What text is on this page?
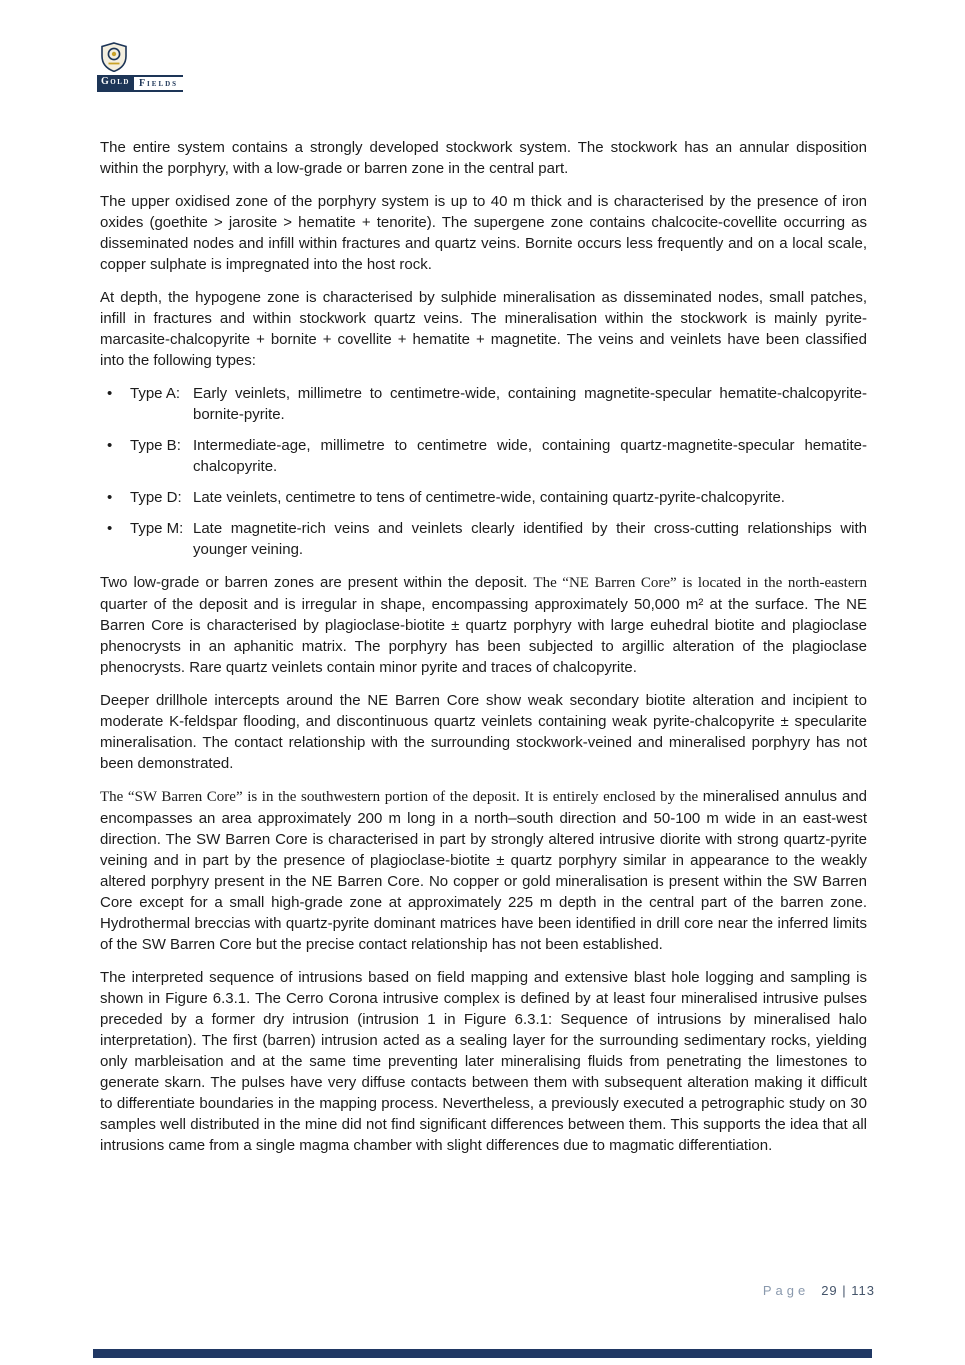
Gold Fields

The entire system contains a strongly developed stockwork system. The stockwork has an annular disposition within the porphyry, with a low-grade or barren zone in the central part.

The upper oxidised zone of the porphyry system is up to 40 m thick and is characterised by the presence of iron oxides (goethite > jarosite > hematite + tenorite). The supergene zone contains chalcocite-covellite occurring as disseminated nodes and infill within fractures and quartz veins. Bornite occurs less frequently and on a local scale, copper sulphate is impregnated into the host rock.

At depth, the hypogene zone is characterised by sulphide mineralisation as disseminated nodes, small patches, infill in fractures and within stockwork quartz veins. The mineralisation within the stockwork is mainly pyrite-marcasite-chalcopyrite + bornite + covellite + hematite + magnetite. The veins and veinlets have been classified into the following types:

•	Type A: Early veinlets, millimetre to centimetre-wide, containing magnetite-specular hematite-chalcopyrite-bornite-pyrite.
•	Type B: Intermediate-age, millimetre to centimetre wide, containing quartz-magnetite-specular hematite-chalcopyrite.
•	Type D: Late veinlets, centimetre to tens of centimetre-wide, containing quartz-pyrite-chalcopyrite.
•	Type M: Late magnetite-rich veins and veinlets clearly identified by their cross-cutting relationships with younger veining.

Two low-grade or barren zones are present within the deposit. The “NE Barren Core” is located in the north-eastern quarter of the deposit and is irregular in shape, encompassing approximately 50,000 m² at the surface. The NE Barren Core is characterised by plagioclase-biotite ± quartz porphyry with large euhedral biotite and plagioclase phenocrysts in an aphanitic matrix. The porphyry has been subjected to argillic alteration of the plagioclase phenocrysts. Rare quartz veinlets contain minor pyrite and traces of chalcopyrite.

Deeper drillhole intercepts around the NE Barren Core show weak secondary biotite alteration and incipient to moderate K-feldspar flooding, and discontinuous quartz veinlets containing weak pyrite-chalcopyrite ± specularite mineralisation. The contact relationship with the surrounding stockwork-veined and mineralised porphyry has not been demonstrated.

The “SW Barren Core” is in the southwestern portion of the deposit. It is entirely enclosed by the mineralised annulus and encompasses an area approximately 200 m long in a north–south direction and 50-100 m wide in an east-west direction. The SW Barren Core is characterised in part by strongly altered intrusive diorite with strong quartz-pyrite veining and in part by the presence of plagioclase-biotite ± quartz porphyry similar in appearance to the weakly altered porphyry present in the NE Barren Core. No copper or gold mineralisation is present within the SW Barren Core except for a small high-grade zone at approximately 225 m depth in the central part of the barren zone. Hydrothermal breccias with quartz-pyrite dominant matrices have been identified in drill core near the inferred limits of the SW Barren Core but the precise contact relationship has not been established.

The interpreted sequence of intrusions based on field mapping and extensive blast hole logging and sampling is shown in Figure 6.3.1. The Cerro Corona intrusive complex is defined by at least four mineralised intrusive pulses preceded by a former dry intrusion (intrusion 1 in Figure 6.3.1: Sequence of intrusions by mineralised halo interpretation). The first (barren) intrusion acted as a sealing layer for the surrounding sedimentary rocks, yielding only marbleisation and at the same time preventing later mineralising fluids from penetrating the limestones to generate skarn. The pulses have very diffuse contacts between them with subsequent alteration making it difficult to differentiate boundaries in the mapping process. Nevertheless, a previously executed a petrographic study on 30 samples well distributed in the mine did not find significant differences between them. This supports the idea that all intrusions came from a single magma chamber with slight differences due to magmatic differentiation.

Page 29 | 113
